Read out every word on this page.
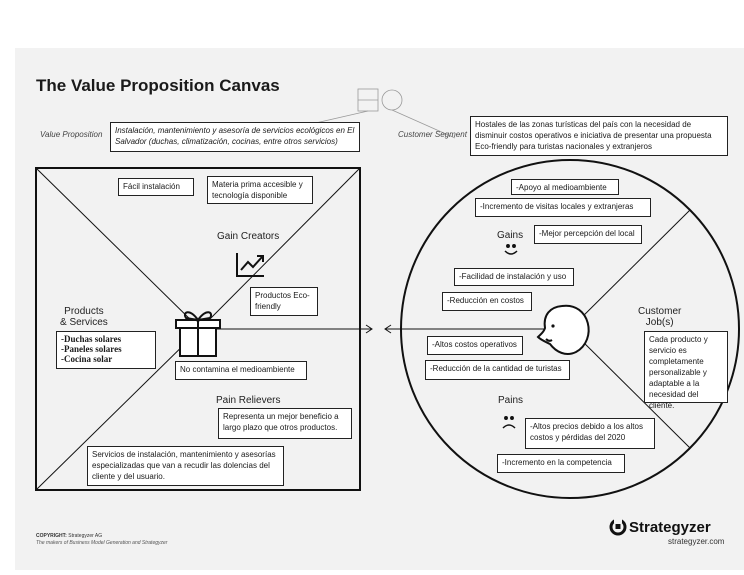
The Value Proposition Canvas
Value Proposition	Instalación, mantenimiento y asesoría de servicios ecológicos en El Salvador (duchas, climatización, cocinas, entre otros servicios)
Customer Segment
Hostales de las zonas turísticas del país con la necesidad de disminuir costos operativos e iniciativa de presentar una propuesta Eco-friendly para turistas nacionales y extranjeros
Gain Creators
Products
& Services
Pain Relievers
Fácil instalación	Materia prima accesible y tecnología disponible
Productos Eco-friendly
No contamina el medioambiente
-Duchas solares
-Paneles solares
-Cocina solar
Representa un mejor beneficio a largo plazo que otros productos.
Servicios de instalación, mantenimiento y asesorías especializadas que van a recudir las dolencias del cliente y del usuario.
Gains
Customer
Job(s)
Pains
-Apoyo al medioambiente
-Incremento de visitas locales y extranjeras
-Mejor percepción del local
-Facilidad de instalación y uso
-Reducción en costos
Cada producto y servicio es completamente personalizable y adaptable a la necesidad del cliente.
-Altos costos operativos
-Reducción de la cantidad de turistas
-Altos precios debido a los altos costos y pérdidas del 2020
-Incremento en la competencia
COPYRIGHT: Strategyzer AG
The makers of Business Model Generation and Strategyzer
Strategyzer
strategyzer.com
